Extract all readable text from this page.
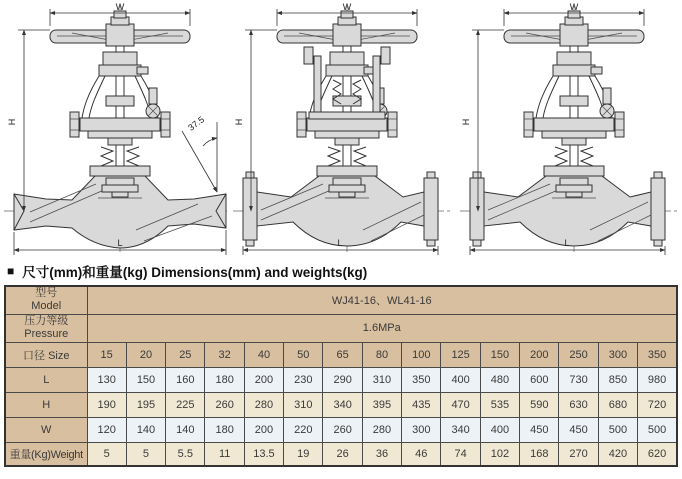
W
H
L
37.5
W
H
L
W
H
L
■ 尺寸(mm)和重量(kg) Dimensions(mm) and weights(kg)
型号
Model	WJ41-16、WL41-16														

压力等级
Pressure	1.6MPa														
口径 Size	15	20	25	32	40	50	65	80	100	125	150	200	250	300	350
L	130	150	160	180	200	230	290	310	350	400	480	600	730	850	980
H	190	195	225	260	280	310	340	395	435	470	535	590	630	680	720
W	120	140	140	180	200	220	260	280	300	340	400	450	450	500	500
重量(Kg)Weight	5	5	5.5	11	13.5	19	26	36	46	74	102	168	270	420	620
